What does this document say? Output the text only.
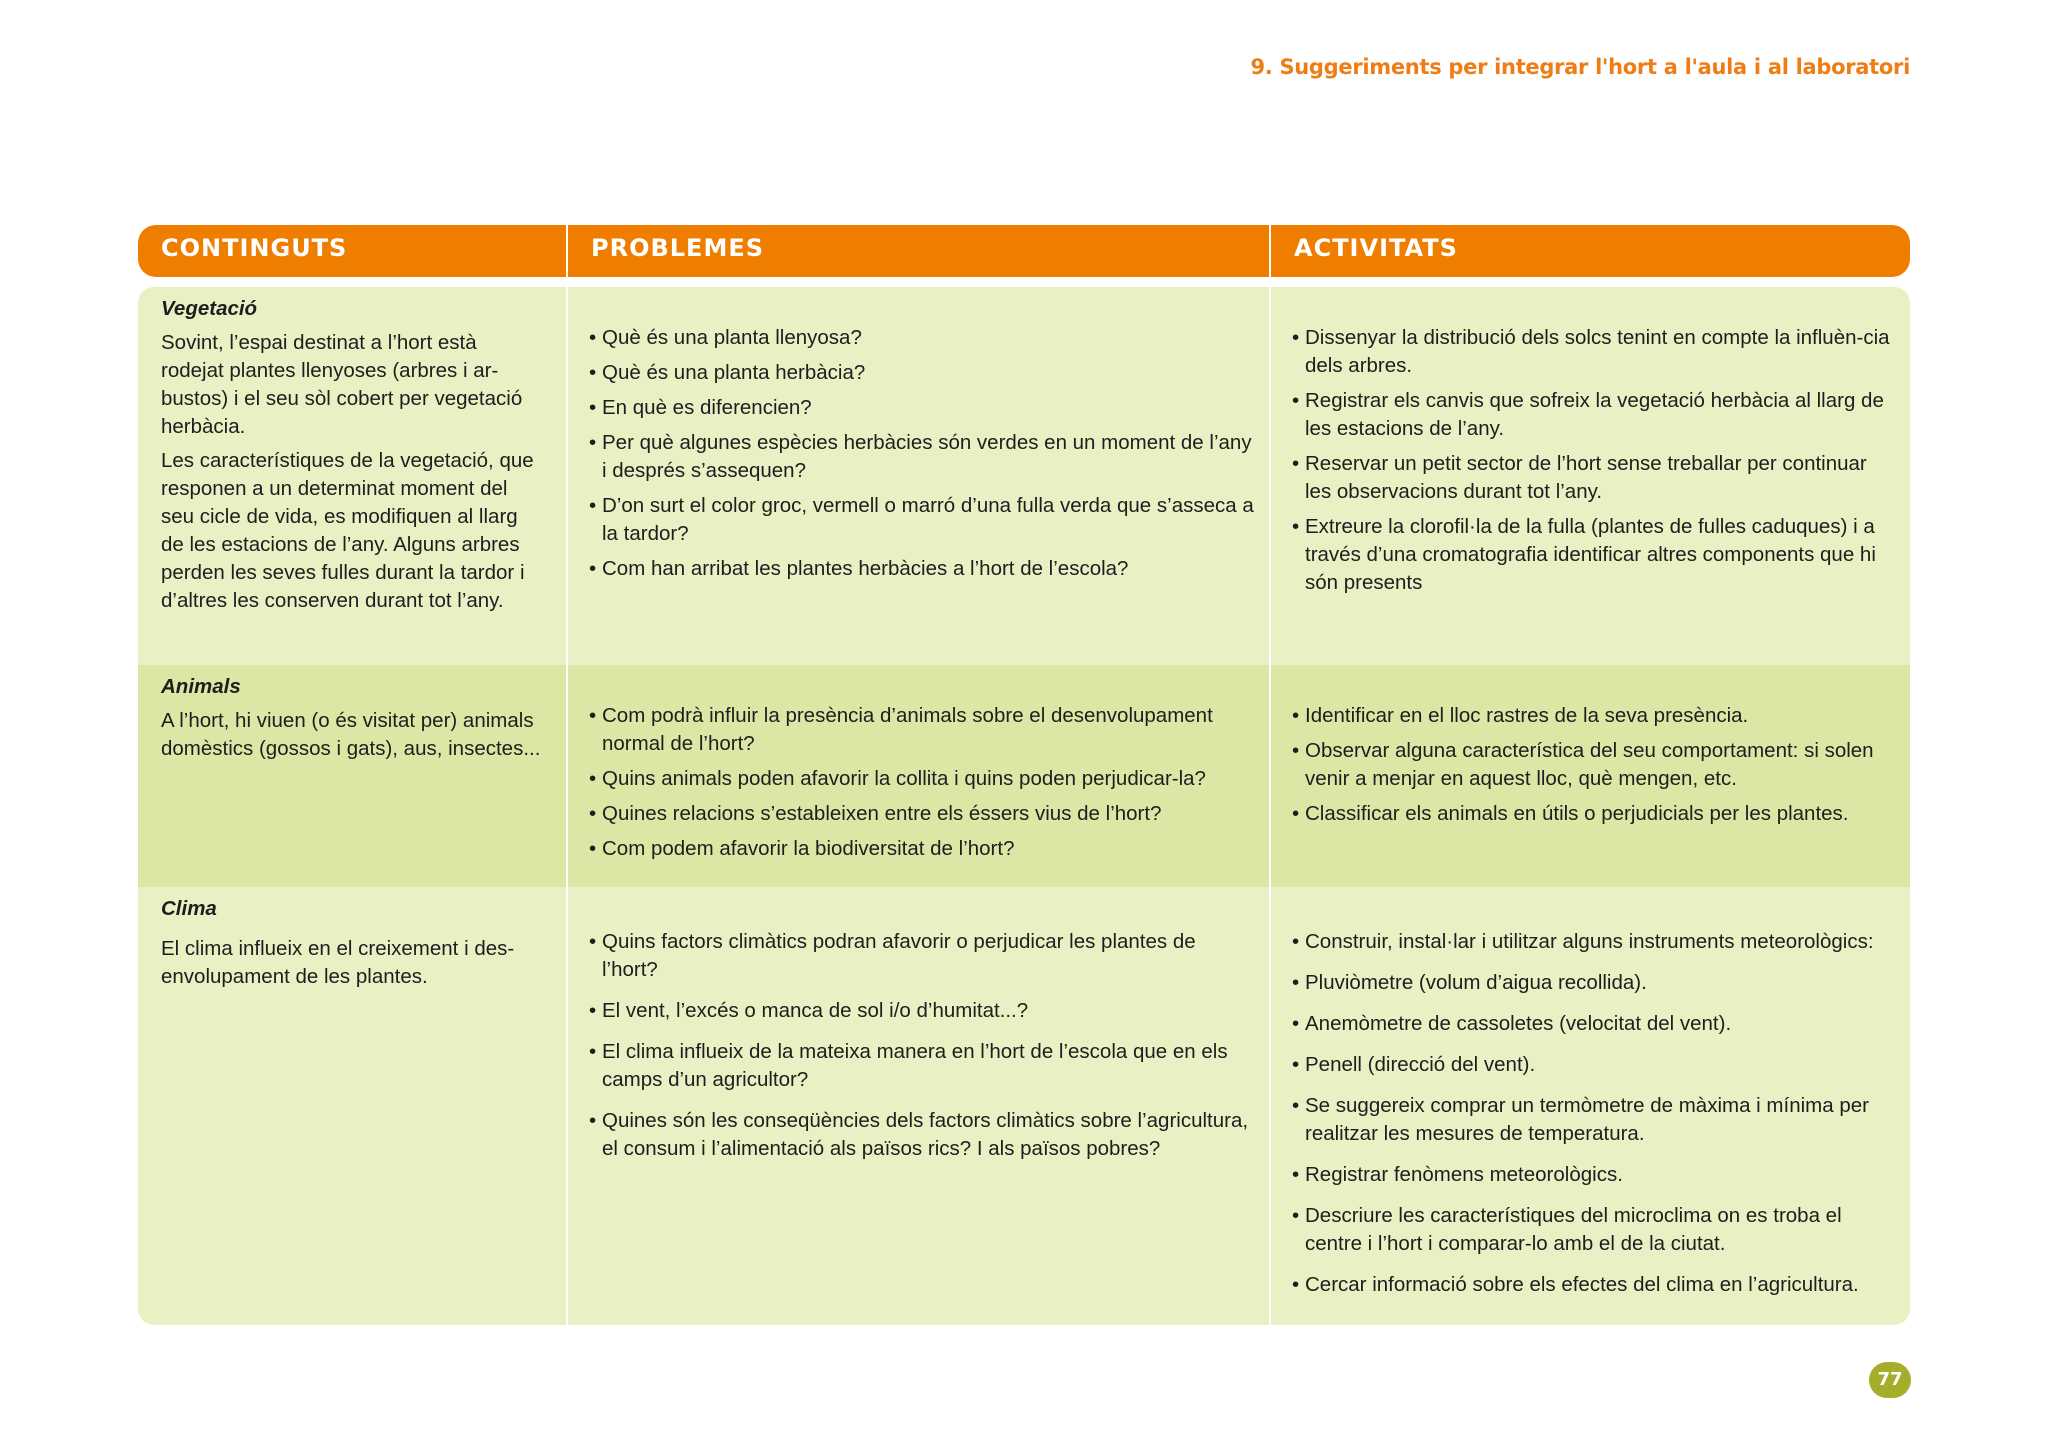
9. Suggeriments per integrar l'hort a l'aula i al laboratori
CONTINGUTS	PROBLEMES	ACTIVITATS

Vegetació

Sovint, l’espai destinat a l’hort està rodejat plantes llenyoses (arbres i ar-bustos) i el seu sòl cobert per vegetació herbàcia.

Les característiques de la vegetació, que responen a un determinat moment del seu cicle de vida, es modifiquen al llarg de les estacions de l’any. Alguns arbres perden les seves fulles durant la tardor i d’altres les conserven durant tot l’any.

• Què és una planta llenyosa?
• Què és una planta herbàcia?
• En què es diferencien?
• Per què algunes espècies herbàcies són verdes en un moment de l’any i després s’assequen?
• D’on surt el color groc, vermell o marró d’una fulla verda que s’asseca a la tardor?
• Com han arribat les plantes herbàcies a l’hort de l’escola?
• Dissenyar la distribució dels solcs tenint en compte la influèn-cia dels arbres.
• Registrar els canvis que sofreix la vegetació herbàcia al llarg de les estacions de l’any.
• Reservar un petit sector de l’hort sense treballar per continuar les observacions durant tot l’any.
• Extreure la clorofil·la de la fulla (plantes de fulles caduques) i a través d’una cromatografia identificar altres components que hi són presents

Animals

A l’hort, hi viuen (o és visitat per) animals domèstics (gossos i gats), aus, insectes...

• Com podrà influir la presència d’animals sobre el desenvolupament normal de l’hort?
• Quins animals poden afavorir la collita i quins poden perjudicar-la?
• Quines relacions s’estableixen entre els éssers vius de l’hort?
• Com podem afavorir la biodiversitat de l’hort?
• Identificar en el lloc rastres de la seva presència.
• Observar alguna característica del seu comportament: si solen venir a menjar en aquest lloc, què mengen, etc.
• Classificar els animals en útils o perjudicials per les plantes.

Clima

El clima influeix en el creixement i des-envolupament de les plantes.

• Quins factors climàtics podran afavorir o perjudicar les plantes de l’hort?
• El vent, l’excés o manca de sol i/o d’humitat...?
• El clima influeix de la mateixa manera en l’hort de l’escola que en els camps d’un agricultor?
• Quines són les conseqüències dels factors climàtics sobre l’agricultura, el consum i l’alimentació als països rics? I als països pobres?
• Construir, instal·lar i utilitzar alguns instruments meteorològics:
• Pluviòmetre (volum d’aigua recollida).
• Anemòmetre de cassoletes (velocitat del vent).
• Penell (direcció del vent).
• Se suggereix comprar un termòmetre de màxima i mínima per realitzar les mesures de temperatura.
• Registrar fenòmens meteorològics.
• Descriure les característiques del microclima on es troba el centre i l’hort i comparar-lo amb el de la ciutat.
• Cercar informació sobre els efectes del clima en l’agricultura.
77
